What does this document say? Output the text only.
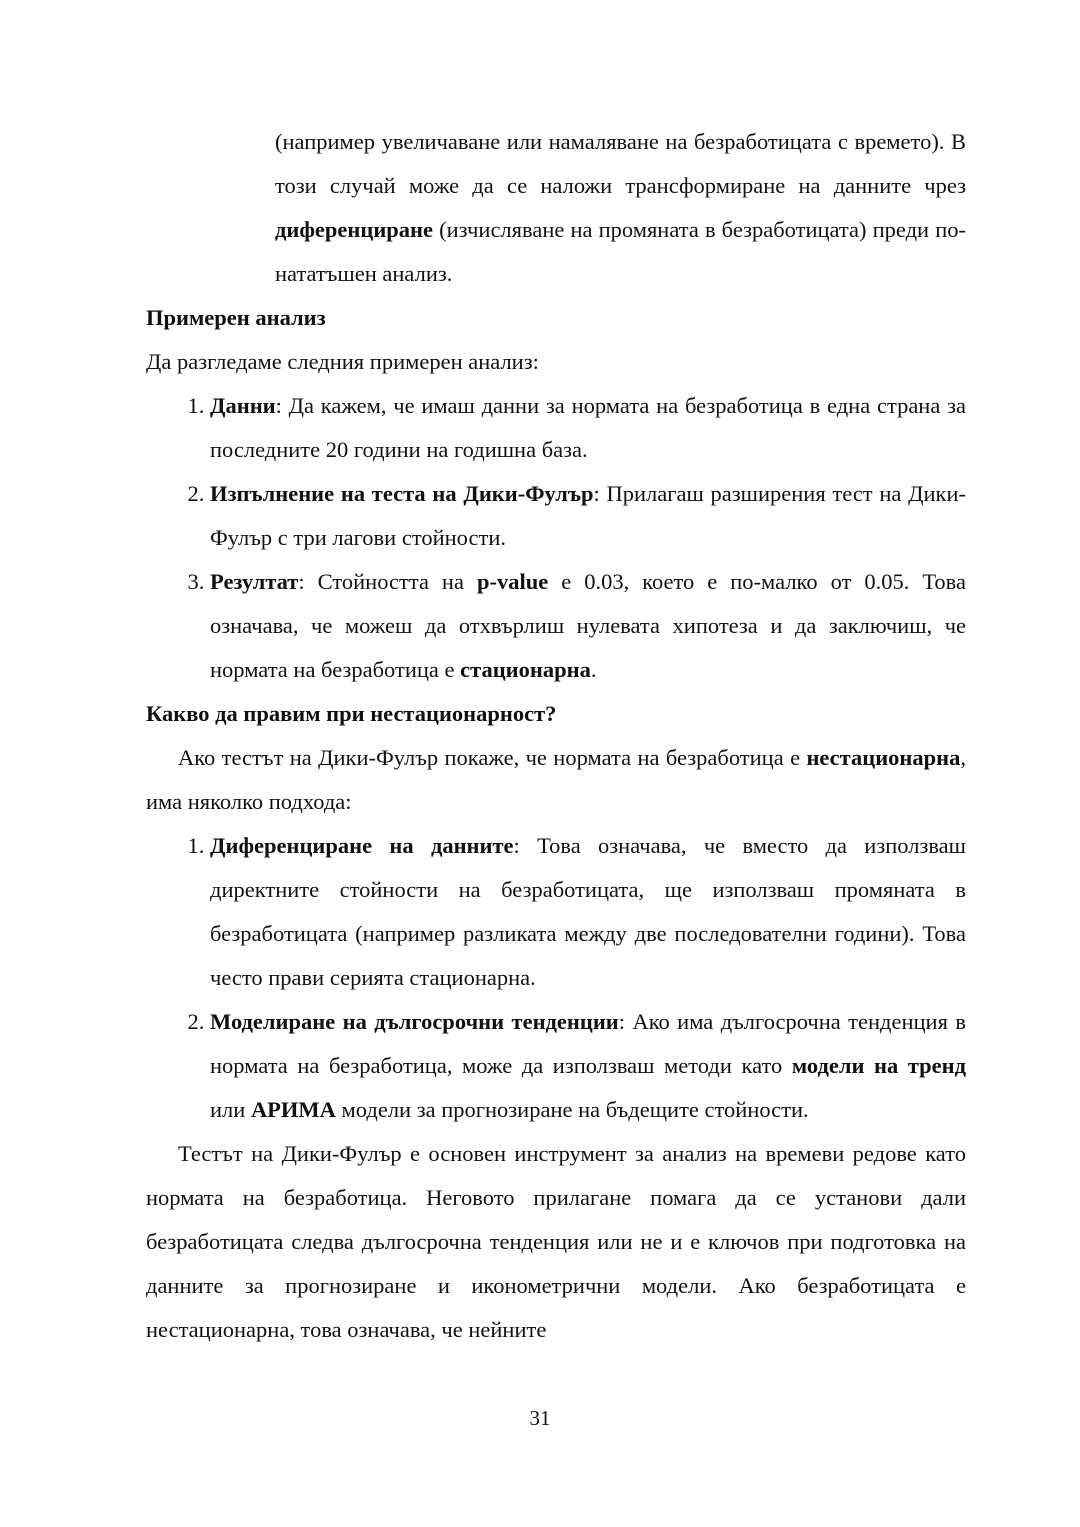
(например увеличаване или намаляване на безработицата с времето). В този случай може да се наложи трансформиране на данните чрез диференциране (изчисляване на промяната в безработицата) преди по-нататъшен анализ.

Примерен анализ

Да разгледаме следния примерен анализ:

1. Данни: Да кажем, че имаш данни за нормата на безработица в една страна за последните 20 години на годишна база.
2. Изпълнение на теста на Дики-Фулър: Прилагаш разширения тест на Дики-Фулър с три лагови стойности.
3. Резултат: Стойността на p-value е 0.03, което е по-малко от 0.05. Това означава, че можеш да отхвърлиш нулевата хипотеза и да заключиш, че нормата на безработица е стационарна.

Какво да правим при нестационарност?

Ако тестът на Дики-Фулър покаже, че нормата на безработица е нестационарна, има няколко подхода:

1. Диференциране на данните: Това означава, че вместо да използваш директните стойности на безработицата, ще използваш промяната в безработицата (например разликата между две последователни години). Това често прави серията стационарна.
2. Моделиране на дългосрочни тенденции: Ако има дългосрочна тенденция в нормата на безработица, може да използваш методи като модели на тренд или АРИМА модели за прогнозиране на бъдещите стойности.

Тестът на Дики-Фулър е основен инструмент за анализ на времеви редове като нормата на безработица. Неговото прилагане помага да се установи дали безработицата следва дългосрочна тенденция или не и е ключов при подготовка на данните за прогнозиране и иконометрични модели. Ако безработицата е нестационарна, това означава, че нейните

31
